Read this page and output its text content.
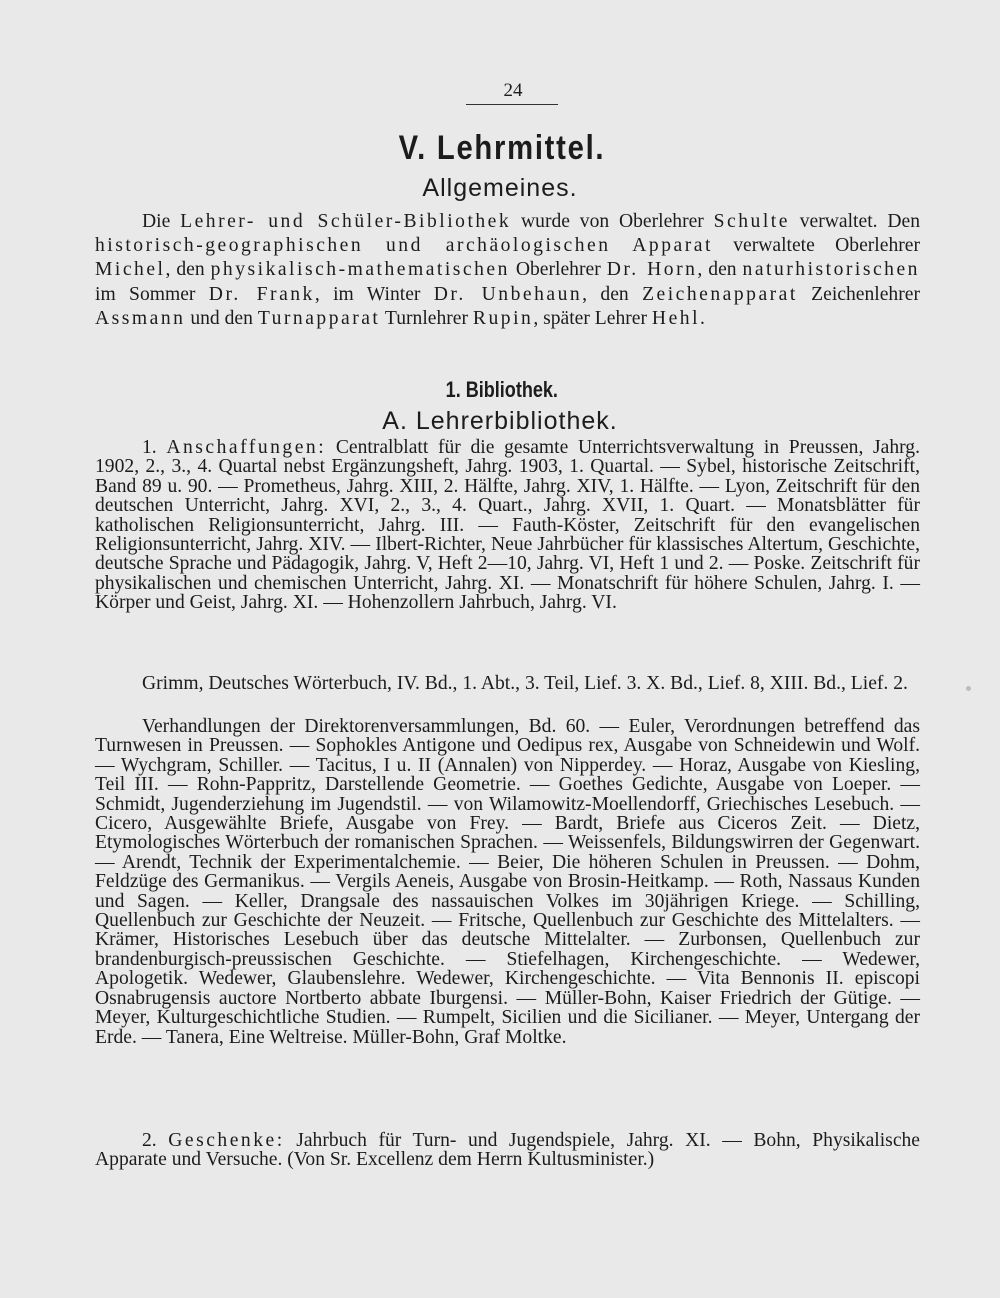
24
V. Lehrmittel.
Allgemeines.

Die Lehrer- und Schüler-Bibliothek wurde von Oberlehrer Schulte verwaltet. Den historisch-geographischen und archäologischen Apparat verwaltete Oberlehrer Michel, den physikalisch-mathematischen Oberlehrer Dr. Horn, den naturhistorischen im Sommer Dr. Frank, im Winter Dr. Unbehaun, den Zeichenapparat Zeichenlehrer Assmann und den Turnapparat Turnlehrer Rupin, später Lehrer Hehl.

1. Bibliothek.
A. Lehrerbibliothek.

1. Anschaffungen: Centralblatt für die gesamte Unterrichtsverwaltung in Preussen, Jahrg. 1902, 2., 3., 4. Quartal nebst Ergänzungsheft, Jahrg. 1903, 1. Quartal. — Sybel, historische Zeitschrift, Band 89 u. 90. — Prometheus, Jahrg. XIII, 2. Hälfte, Jahrg. XIV, 1. Hälfte. — Lyon, Zeitschrift für den deutschen Unterricht, Jahrg. XVI, 2., 3., 4. Quart., Jahrg. XVII, 1. Quart. — Monatsblätter für katholischen Religionsunterricht, Jahrg. III. — Fauth-Köster, Zeitschrift für den evangelischen Religionsunterricht, Jahrg. XIV. — Ilbert-Richter, Neue Jahrbücher für klassisches Altertum, Geschichte, deutsche Sprache und Pädagogik, Jahrg. V, Heft 2—10, Jahrg. VI, Heft 1 und 2. — Poske. Zeitschrift für physikalischen und chemischen Unterricht, Jahrg. XI. — Monatschrift für höhere Schulen, Jahrg. I. — Körper und Geist, Jahrg. XI. — Hohenzollern Jahrbuch, Jahrg. VI.

Grimm, Deutsches Wörterbuch, IV. Bd., 1. Abt., 3. Teil, Lief. 3. X. Bd., Lief. 8, XIII. Bd., Lief. 2.

Verhandlungen der Direktorenversammlungen, Bd. 60. — Euler, Verordnungen betreffend das Turnwesen in Preussen. — Sophokles Antigone und Oedipus rex, Ausgabe von Schneidewin und Wolf. — Wychgram, Schiller. — Tacitus, I u. II (Annalen) von Nipperdey. — Horaz, Ausgabe von Kiesling, Teil III. — Rohn-Pappritz, Darstellende Geometrie. — Goethes Gedichte, Ausgabe von Loeper. — Schmidt, Jugenderziehung im Jugendstil. — von Wilamowitz-Moellendorff, Griechisches Lesebuch. — Cicero, Ausgewählte Briefe, Ausgabe von Frey. — Bardt, Briefe aus Ciceros Zeit. — Dietz, Etymologisches Wörterbuch der romanischen Sprachen. — Weissenfels, Bildungswirren der Gegenwart. — Arendt, Technik der Experimentalchemie. — Beier, Die höheren Schulen in Preussen. — Dohm, Feldzüge des Germanikus. — Vergils Aeneis, Ausgabe von Brosin-Heitkamp. — Roth, Nassaus Kunden und Sagen. — Keller, Drangsale des nassauischen Volkes im 30jährigen Kriege. — Schilling, Quellenbuch zur Geschichte der Neuzeit. — Fritsche, Quellenbuch zur Geschichte des Mittelalters. — Krämer, Historisches Lesebuch über das deutsche Mittelalter. — Zurbonsen, Quellenbuch zur brandenburgisch-preussischen Geschichte. — Stiefelhagen, Kirchengeschichte. — Wedewer, Apologetik. Wedewer, Glaubenslehre. Wedewer, Kirchengeschichte. — Vita Bennonis II. episcopi Osnabrugensis auctore Nortberto abbate Iburgensi. — Müller-Bohn, Kaiser Friedrich der Gütige. — Meyer, Kulturgeschichtliche Studien. — Rumpelt, Sicilien und die Sicilianer. — Meyer, Untergang der Erde. — Tanera, Eine Weltreise. Müller-Bohn, Graf Moltke.

2. Geschenke: Jahrbuch für Turn- und Jugendspiele, Jahrg. XI. — Bohn, Physikalische Apparate und Versuche. (Von Sr. Excellenz dem Herrn Kultusminister.)
